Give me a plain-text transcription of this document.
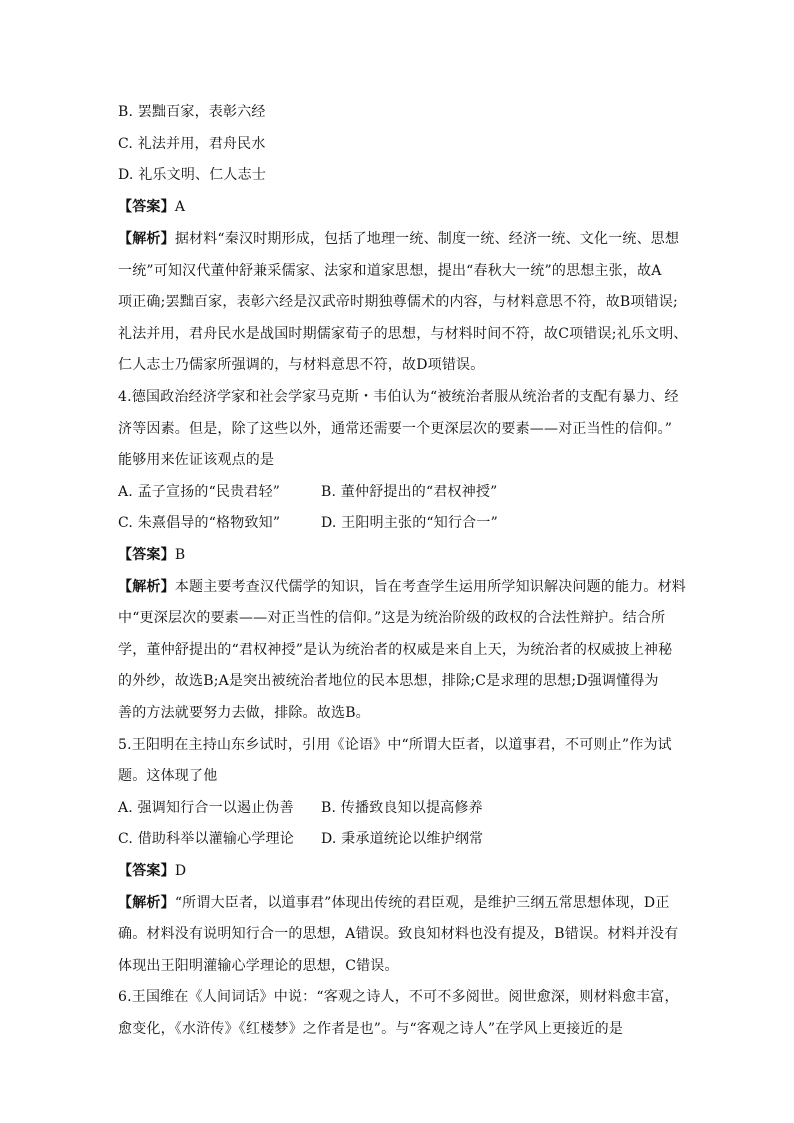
B. 罢黜百家，表彰六经
C. 礼法并用，君舟民水
D. 礼乐文明、仁人志士
【答案】A
【解析】据材料“秦汉时期形成，包括了地理一统、制度一统、经济一统、文化一统、思想
一统”可知汉代董仲舒兼采儒家、法家和道家思想，提出“春秋大一统”的思想主张，故A
项正确;罢黜百家，表彰六经是汉武帝时期独尊儒术的内容，与材料意思不符，故B项错误;
礼法并用，君舟民水是战国时期儒家荀子的思想，与材料时间不符，故C项错误;礼乐文明、
仁人志士乃儒家所强调的，与材料意思不符，故D项错误。
4.德国政治经济学家和社会学家马克斯・韦伯认为“被统治者服从统治者的支配有暴力、经
济等因素。但是，除了这些以外，通常还需要一个更深层次的要素——对正当性的信仰。”
能够用来佐证该观点的是
A. 孟子宣扬的“民贵君轻”	B. 董仲舒提出的“君权神授”
C. 朱熹倡导的“格物致知”	D. 王阳明主张的“知行合一”
【答案】B
【解析】本题主要考查汉代儒学的知识，旨在考查学生运用所学知识解决问题的能力。材料
中“更深层次的要素——对正当性的信仰。”这是为统治阶级的政权的合法性辩护。结合所
学，董仲舒提出的“君权神授”是认为统治者的权威是来自上天，为统治者的权威披上神秘
的外纱，故选B;A是突出被统治者地位的民本思想，排除;C是求理的思想;D强调懂得为
善的方法就要努力去做，排除。故选B。
5.王阳明在主持山东乡试时，引用《论语》中“所谓大臣者，以道事君，不可则止”作为试
题。这体现了他
A. 强调知行合一以遏止伪善 B. 传播致良知以提高修养
C. 借助科举以灌输心学理论 D. 秉承道统论以维护纲常
【答案】D
【解析】“所谓大臣者，以道事君”体现出传统的君臣观，是维护三纲五常思想体现，D正
确。材料没有说明知行合一的思想，A错误。致良知材料也没有提及，B错误。材料并没有
体现出王阳明灌输心学理论的思想，C错误。
6.王国维在《人间词话》中说：“客观之诗人，不可不多阅世。阅世愈深，则材料愈丰富，
愈变化，《水浒传》《红楼梦》之作者是也”。与“客观之诗人”在学风上更接近的是
